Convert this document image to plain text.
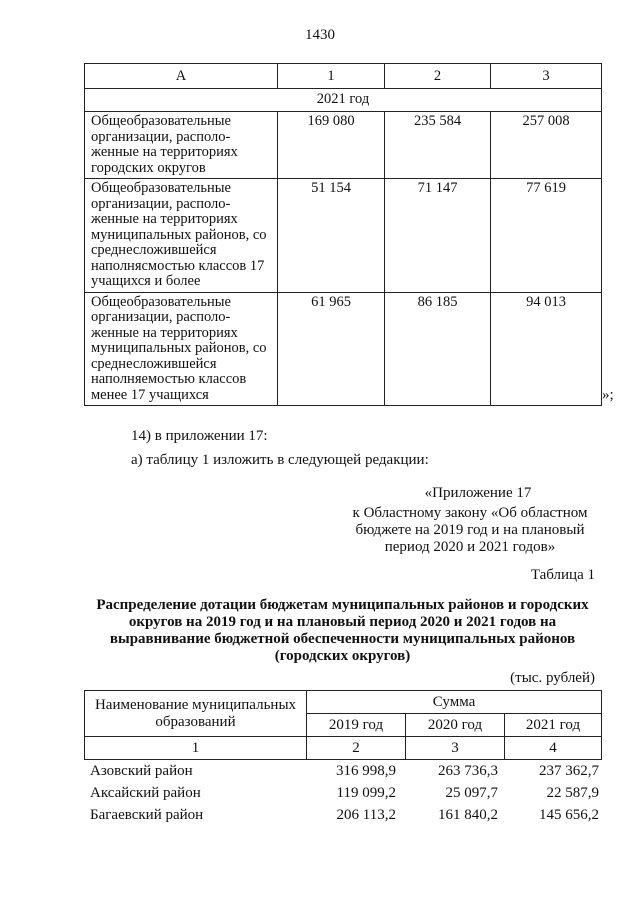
1430
А	1	2	3
2021 год			
Общеобразовательные организации, располо-женные на территориях городских округов	169 080	235 584	257 008
Общеобразовательные организации, располо-женные на территориях муниципальных районов, со среднесложившейся наполнясмостью классов 17 учащихся и более	51 154	71 147	77 619
Общеобразовательные организации, располо-женные на территориях муниципальных районов, со среднесложившейся наполняемостью классов менее 17 учащихся	61 965	86 185	94 013
»;
14) в приложении 17:
а) таблицу 1 изложить в следующей редакции:
«Приложение 17
к Областному закону «Об областном бюджете на 2019 год и на плановый период 2020 и 2021 годов»
Таблица 1
Распределение дотации бюджетам муниципальных районов и городских округов на 2019 год и на плановый период 2020 и 2021 годов на выравнивание бюджетной обеспеченности муниципальных районов (городских округов)
(тыс. рублей)
Наименование муниципальных образований	Сумма		
	2019 год	2020 год	2021 год
1	2	3	4
Азовский район	316 998,9	263 736,3	237 362,7
Аксайский район	119 099,2	25 097,7	22 587,9
Багаевский район	206 113,2	161 840,2	145 656,2
